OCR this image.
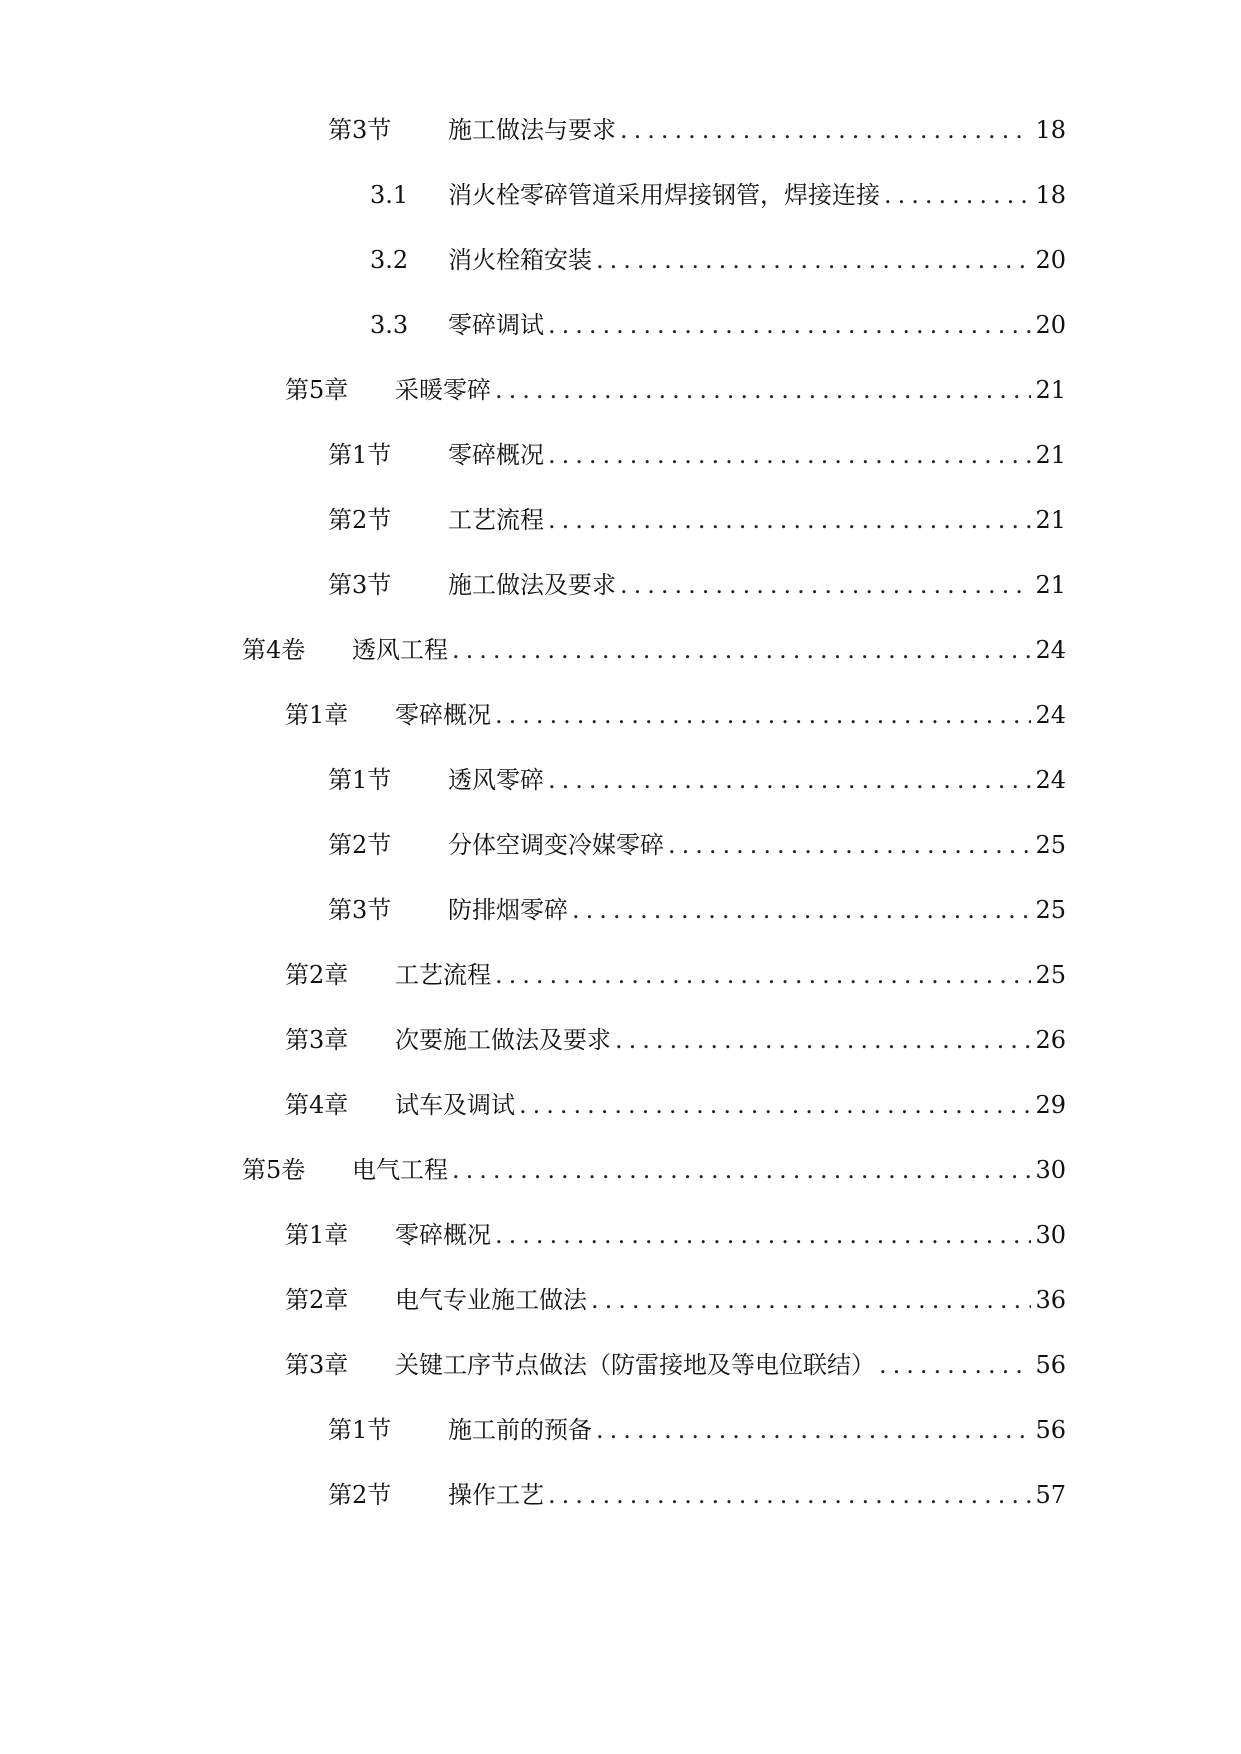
第3节	施工做法与要求 .....	18
3.1	消火栓零碎管道采用焊接钢管，焊接连接 .....	18
3.2	消火栓箱安装 .....	20
3.3	零碎调试 .....	20
第5章	采暖零碎 .....	21
第1节	零碎概况 .....	21
第2节	工艺流程 .....	21
第3节	施工做法及要求 .....	21
第4卷	透风工程 .....	24
第1章	零碎概况 .....	24
第1节	透风零碎 .....	24
第2节	分体空调变冷媒零碎 .....	25
第3节	防排烟零碎 .....	25
第2章	工艺流程 .....	25
第3章	次要施工做法及要求 .....	26
第4章	试车及调试 .....	29
第5卷	电气工程 .....	30
第1章	零碎概况 .....	30
第2章	电气专业施工做法 .....	36
第3章	关键工序节点做法（防雷接地及等电位联结） .....	56
第1节	施工前的预备 .....	56
第2节	操作工艺 .....	57
